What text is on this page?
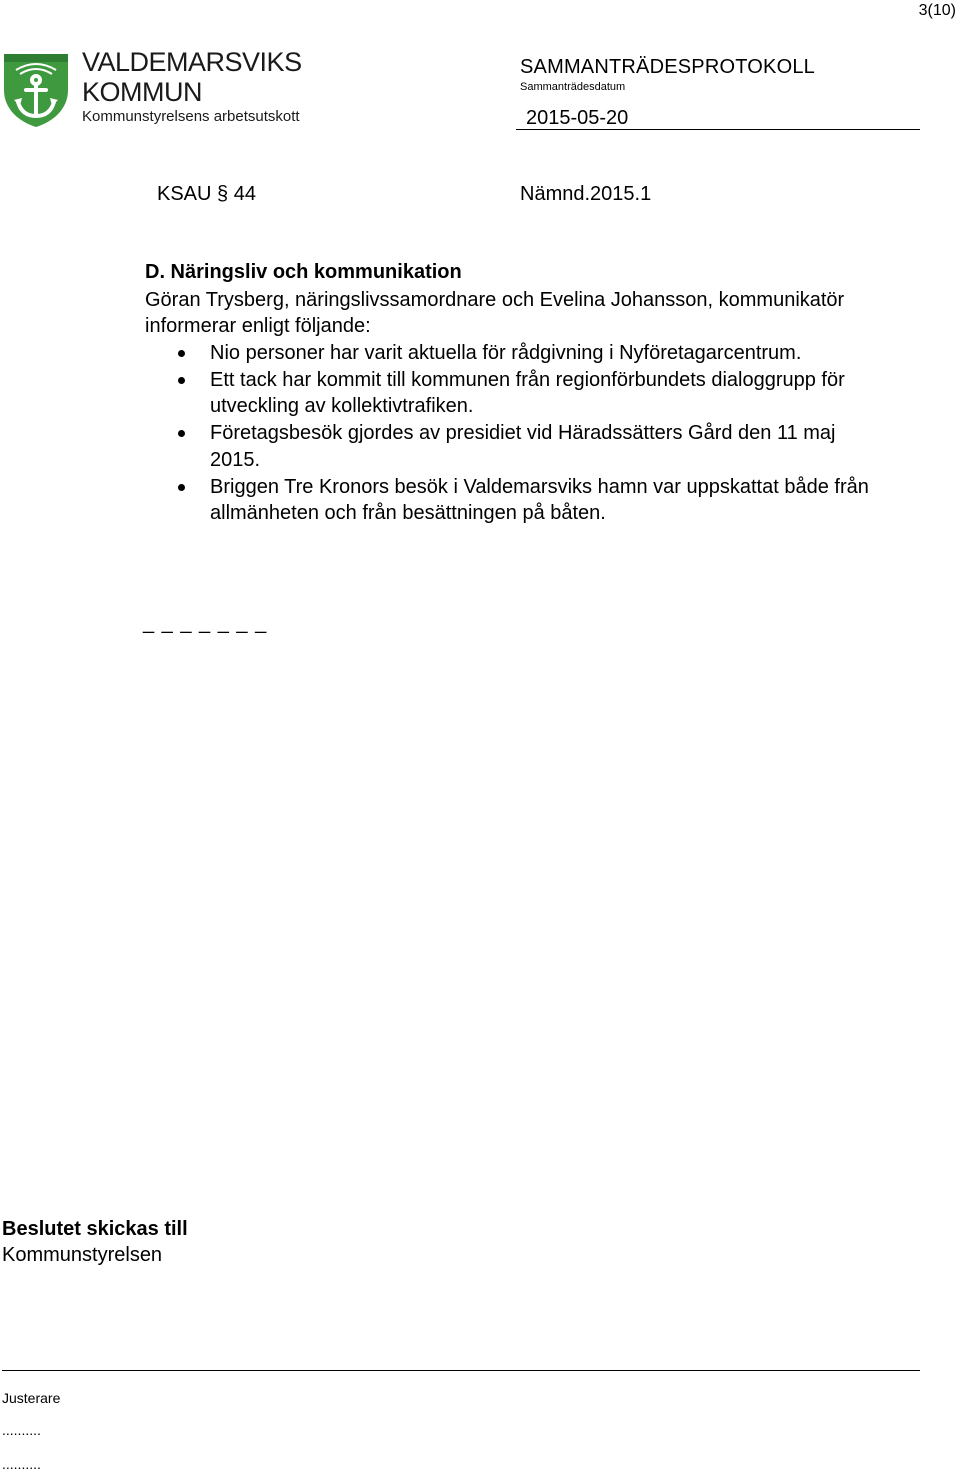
3(10)
VALDEMARSVIKS
KOMMUN
Kommunstyrelsens arbetsutskott
SAMMANTRÄDESPROTOKOLL
Sammanträdesdatum
2015-05-20
KSAU § 44	Nämnd.2015.1
D. Näringsliv och kommunikation
Göran Trysberg, näringslivssamordnare och Evelina Johansson, kommunikatör informerar enligt följande:
Nio personer har varit aktuella för rådgivning i Nyföretagarcentrum.
Ett tack har kommit till kommunen från regionförbundets dialoggrupp för utveckling av kollektivtrafiken.
Företagsbesök gjordes av presidiet vid Häradssätters Gård den 11 maj 2015.
Briggen Tre Kronors besök i Valdemarsviks hamn var uppskattat både från allmänheten och från besättningen på båten.
_ _ _ _ _ _ _
Beslutet skickas till
Kommunstyrelsen
Justerare
..........
..........
